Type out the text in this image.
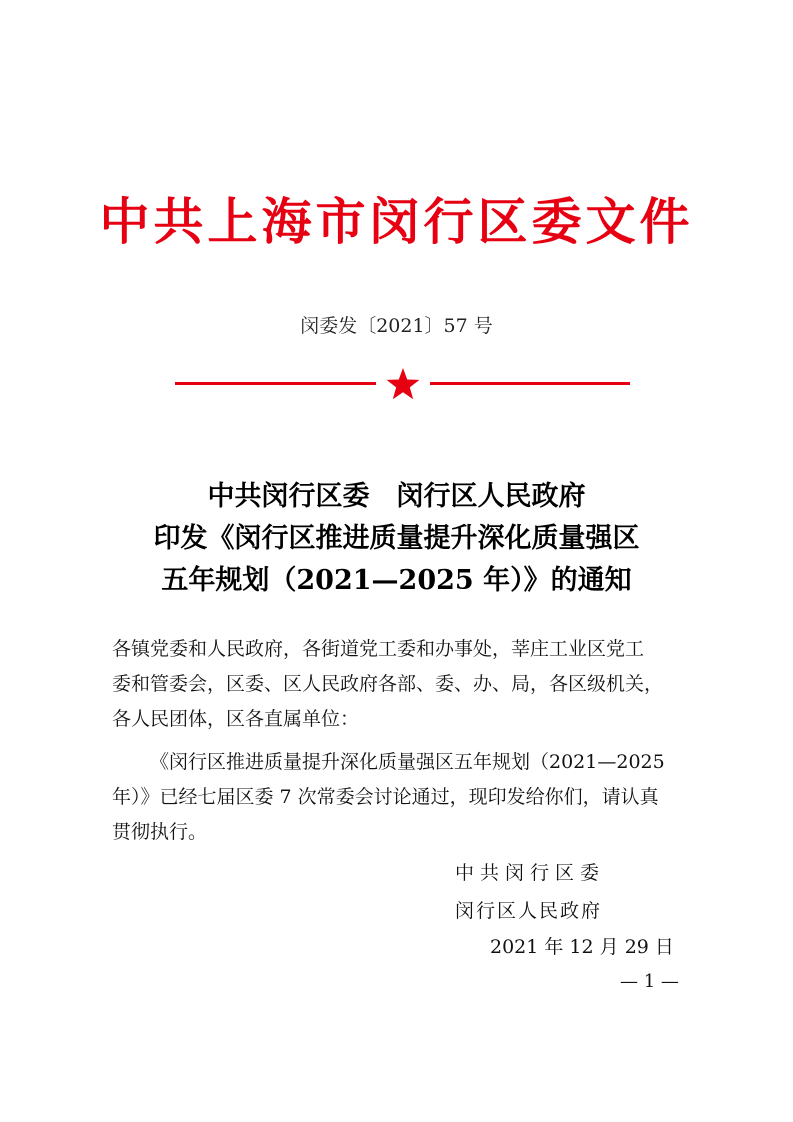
中共上海市闵行区委文件
闵委发〔2021〕57 号
中共闵行区委　闵行区人民政府
印发《闵行区推进质量提升深化质量强区
五年规划（2021—2025 年）》的通知
各镇党委和人民政府，各街道党工委和办事处，莘庄工业区党工
委和管委会，区委、区人民政府各部、委、办、局，各区级机关，
各人民团体，区各直属单位：
《闵行区推进质量提升深化质量强区五年规划（2021—2025
年）》已经七届区委 7 次常委会讨论通过，现印发给你们，请认真
贯彻执行。
中共闵行区委
闵行区人民政府
2021 年 12 月 29 日
— 1 —
